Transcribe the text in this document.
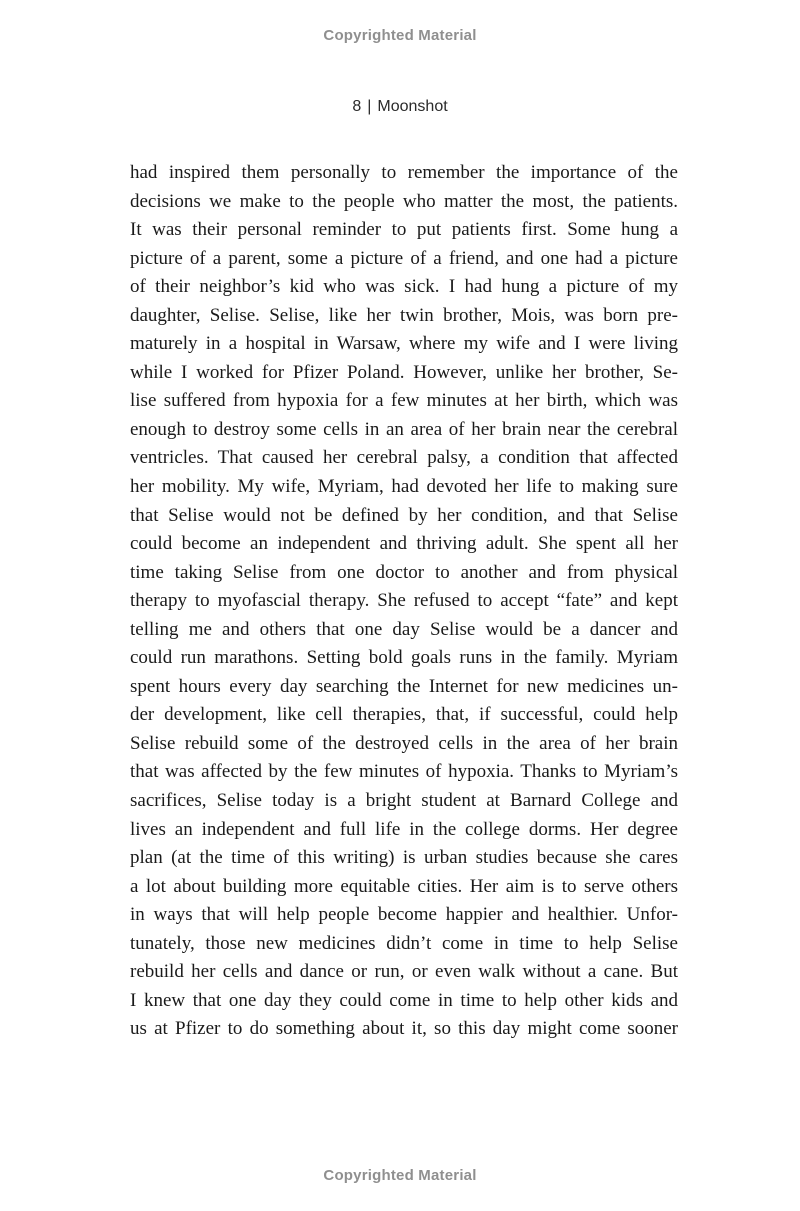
Copyrighted Material
8 | Moonshot
had inspired them personally to remember the importance of the
decisions we make to the people who matter the most, the patients.
It was their personal reminder to put patients first. Some hung a
picture of a parent, some a picture of a friend, and one had a picture
of their neighbor’s kid who was sick. I had hung a picture of my
daughter, Selise. Selise, like her twin brother, Mois, was born pre-
maturely in a hospital in Warsaw, where my wife and I were living
while I worked for Pfizer Poland. However, unlike her brother, Se-
lise suffered from hypoxia for a few minutes at her birth, which was
enough to destroy some cells in an area of her brain near the cerebral
ventricles. That caused her cerebral palsy, a condition that affected
her mobility. My wife, Myriam, had devoted her life to making sure
that Selise would not be defined by her condition, and that Selise
could become an independent and thriving adult. She spent all her
time taking Selise from one doctor to another and from physical
therapy to myofascial therapy. She refused to accept “fate” and kept
telling me and others that one day Selise would be a dancer and
could run marathons. Setting bold goals runs in the family. Myriam
spent hours every day searching the Internet for new medicines un-
der development, like cell therapies, that, if successful, could help
Selise rebuild some of the destroyed cells in the area of her brain
that was affected by the few minutes of hypoxia. Thanks to Myriam’s
sacrifices, Selise today is a bright student at Barnard College and
lives an independent and full life in the college dorms. Her degree
plan (at the time of this writing) is urban studies because she cares
a lot about building more equitable cities. Her aim is to serve others
in ways that will help people become happier and healthier. Unfor-
tunately, those new medicines didn’t come in time to help Selise
rebuild her cells and dance or run, or even walk without a cane. But
I knew that one day they could come in time to help other kids and
us at Pfizer to do something about it, so this day might come sooner
Copyrighted Material
